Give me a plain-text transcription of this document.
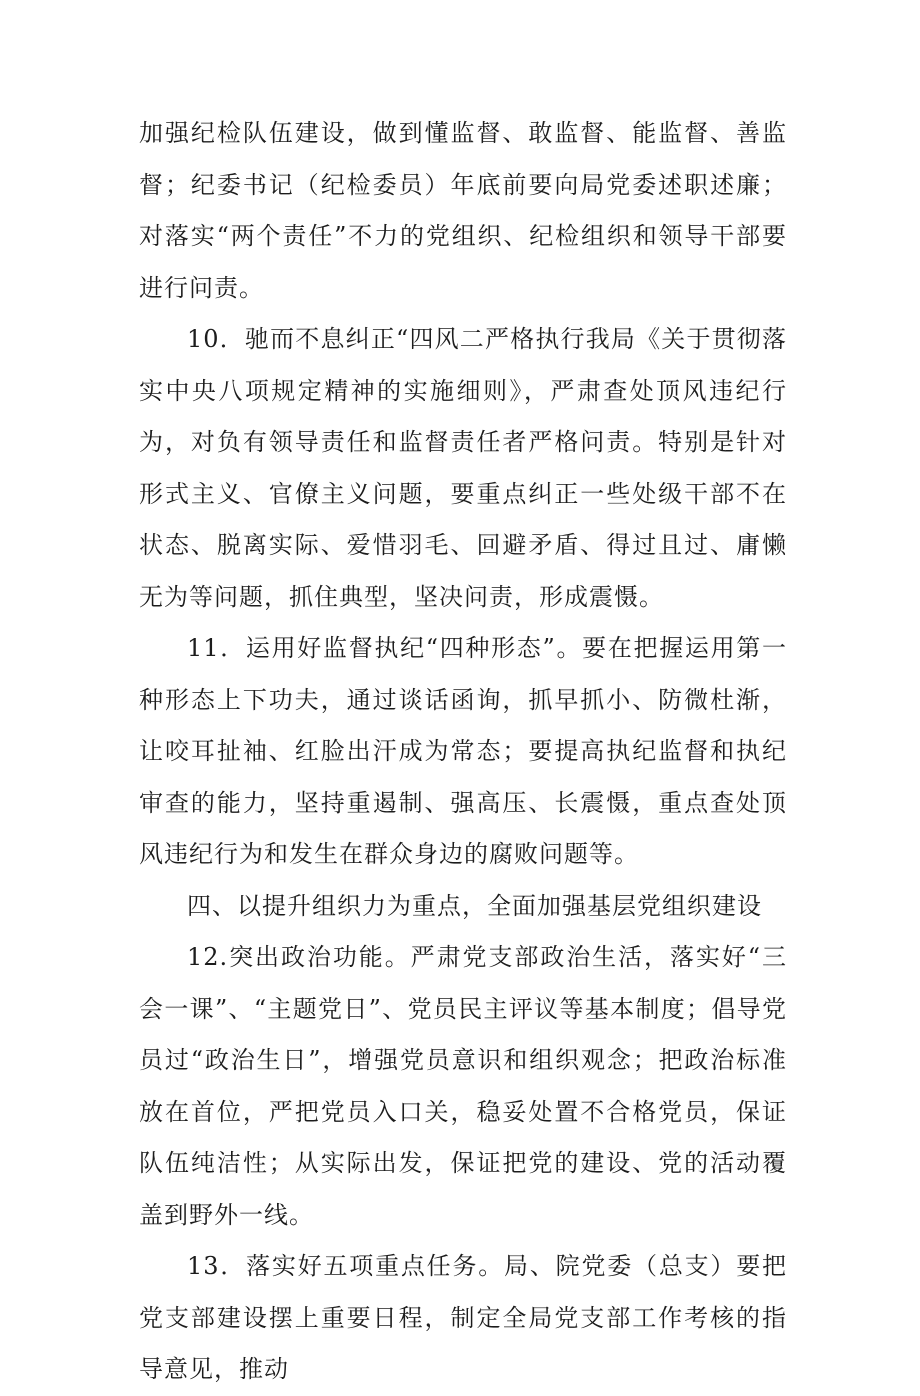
加强纪检队伍建设，做到懂监督、敢监督、能监督、善监督；纪委书记（纪检委员）年底前要向局党委述职述廉；对落实“两个责任”不力的党组织、纪检组织和领导干部要进行问责。

10．驰而不息纠正“四风二严格执行我局《关于贯彻落实中央八项规定精神的实施细则》，严肃查处顶风违纪行为，对负有领导责任和监督责任者严格问责。特别是针对形式主义、官僚主义问题，要重点纠正一些处级干部不在状态、脱离实际、爱惜羽毛、回避矛盾、得过且过、庸懒无为等问题，抓住典型，坚决问责，形成震慑。

11．运用好监督执纪“四种形态”。要在把握运用第一种形态上下功夫，通过谈话函询，抓早抓小、防微杜渐，让咬耳扯袖、红脸出汗成为常态；要提高执纪监督和执纪审查的能力，坚持重遏制、强高压、长震慑，重点查处顶风违纪行为和发生在群众身边的腐败问题等。

四、以提升组织力为重点，全面加强基层党组织建设

12.突出政治功能。严肃党支部政治生活，落实好“三会一课”、“主题党日”、党员民主评议等基本制度；倡导党员过“政治生日”，增强党员意识和组织观念；把政治标准放在首位，严把党员入口关，稳妥处置不合格党员，保证队伍纯洁性；从实际出发，保证把党的建设、党的活动覆盖到野外一线。

13．落实好五项重点任务。局、院党委（总支）要把党支部建设摆上重要日程，制定全局党支部工作考核的指导意见，推动
